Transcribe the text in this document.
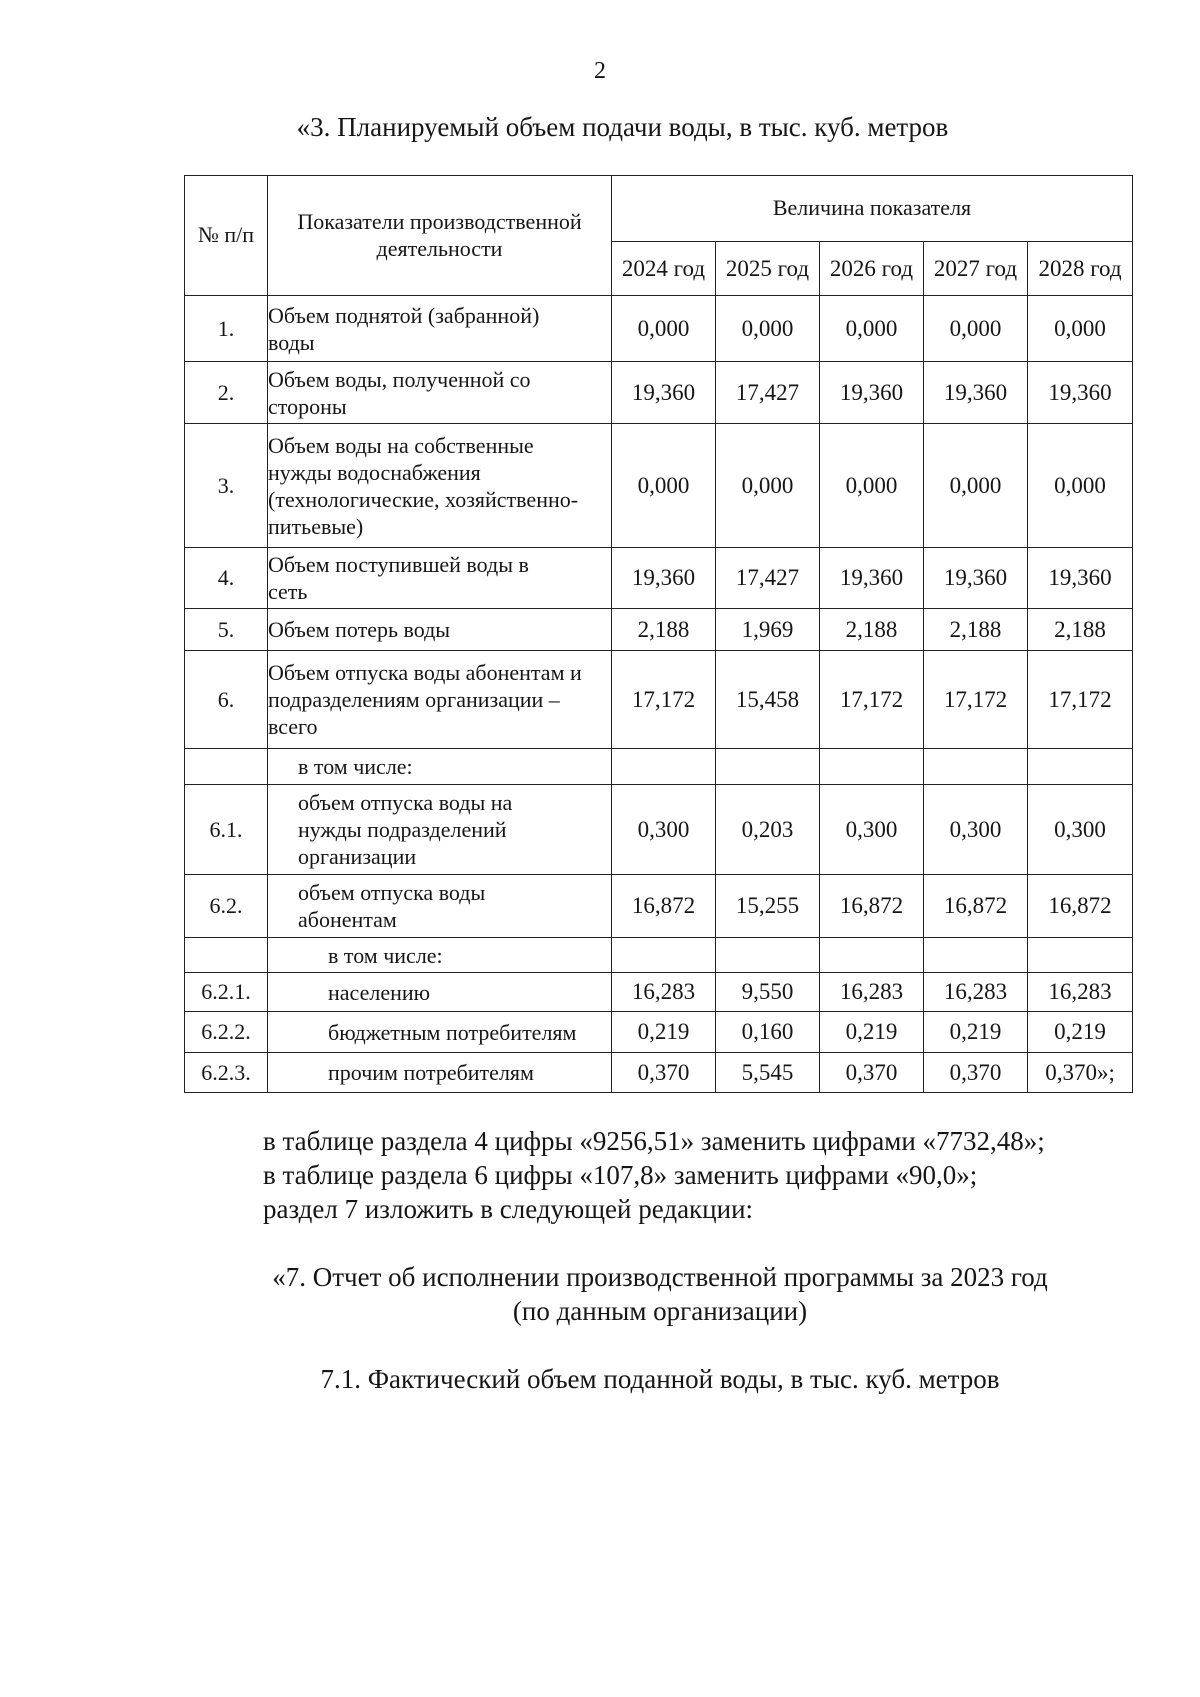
2
«3. Планируемый объем подачи воды, в тыс. куб. метров
№ п/п	Показатели производственной деятельности	Величина показателя				
		2024 год	2025 год	2026 год	2027 год	2028 год
1.	Объем поднятой (забранной) воды	0,000	0,000	0,000	0,000	0,000
2.	Объем воды, полученной со стороны	19,360	17,427	19,360	19,360	19,360
3.	Объем воды на собственные нужды водоснабжения (технологические, хозяйственно-питьевые)	0,000	0,000	0,000	0,000	0,000
4.	Объем поступившей воды в сеть	19,360	17,427	19,360	19,360	19,360
5.	Объем потерь воды	2,188	1,969	2,188	2,188	2,188
6.	Объем отпуска воды абонентам и подразделениям организации – всего	17,172	15,458	17,172	17,172	17,172
	в том числе:					
6.1.	объем отпуска воды на нужды подразделений организации	0,300	0,203	0,300	0,300	0,300
6.2.	объем отпуска воды абонентам	16,872	15,255	16,872	16,872	16,872
	в том числе:					
6.2.1.	населению	16,283	9,550	16,283	16,283	16,283
6.2.2.	бюджетным потребителям	0,219	0,160	0,219	0,219	0,219
6.2.3.	прочим потребителям	0,370	5,545	0,370	0,370	0,370»;
в таблице раздела 4 цифры «9256,51» заменить цифрами «7732,48»;
в таблице раздела 6 цифры «107,8» заменить цифрами «90,0»;
раздел 7 изложить в следующей редакции:
«7. Отчет об исполнении производственной программы за 2023 год
(по данным организации)
7.1. Фактический объем поданной воды, в тыс. куб. метров
